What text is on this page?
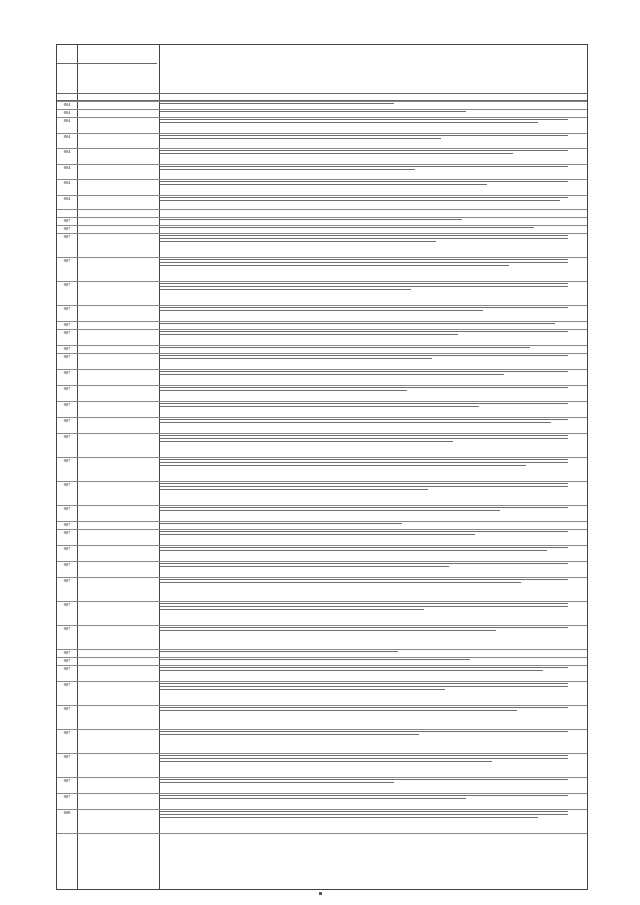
804
804
804
804
804
804
804
804
807
807
807
807
807
807
807
807
807
807
807
807
807
807
807
807
807
807
807
807
807
807
807
807
807
807
807
807
807
807
807
807
807
807
808
